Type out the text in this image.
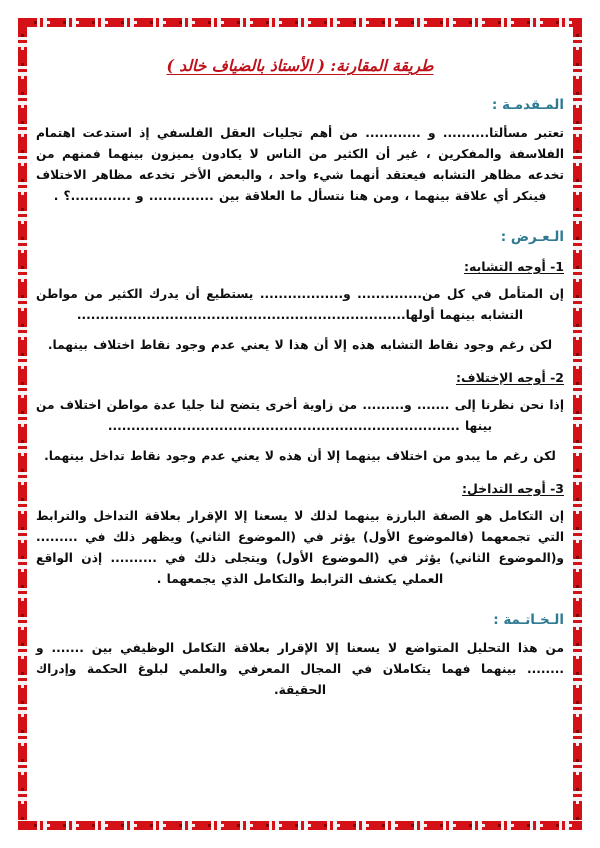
طريقة المقارنة: ( الأستاذ بالضياف خالد )
المـقدمـة :

تعتبر مسألتا.......... و ............ من أهم تجليات العقل الفلسفي إذ استدعت اهتمام الفلاسفة والمفكرين ، غير أن الكثير من الناس لا يكادون يميزون بينهما فمنهم من تخدعه مظاهر التشابه فيعتقد أنهما شيء واحد ، والبعض الأخر تخدعه مظاهر الاختلاف فينكر أي علاقة بينهما ، ومن هنا نتسأل ما العلاقة بين .............. و .............؟ .

الـعـرض :
1- أوجه التشابه:

إن المتأمل في كل من.............. و.................. يستطيع أن يدرك الكثير من مواطن التشابه بينهما أولها.......................................................................

لكن رغم وجود نقاط التشابه هذه إلا أن هذا لا يعني عدم وجود نقاط اختلاف بينهما.

2- أوجه الإختلاف:

إذا نحن نظرنا إلى ....... و......... من زاوية أخرى يتضح لنا جليا عدة مواطن اختلاف من بينها ............................................................................

لكن رغم ما يبدو من اختلاف بينهما إلا أن هذه لا يعني عدم وجود نقاط تداخل بينهما.

3- أوجه التداخل:

إن التكامل هو الصفة البارزة بينهما لذلك لا يسعنا إلا الإقرار بعلاقة التداخل والترابط التي تجمعهما (فالموضوع الأول) يؤثر في (الموضوع الثاني) ويظهر ذلك في ......... و(الموضوع الثاني) يؤثر في (الموضوع الأول) ويتجلى ذلك في .......... إذن الواقع العملي يكشف الترابط والتكامل الذي يجمعهما .

الـخـاتـمة :

من هذا التحليل المتواضع لا يسعنا إلا الإقرار بعلاقة التكامل الوظيفي بين ....... و ........ بينهما فهما يتكاملان في المجال المعرفي والعلمي لبلوغ الحكمة وإدراك الحقيقة.
